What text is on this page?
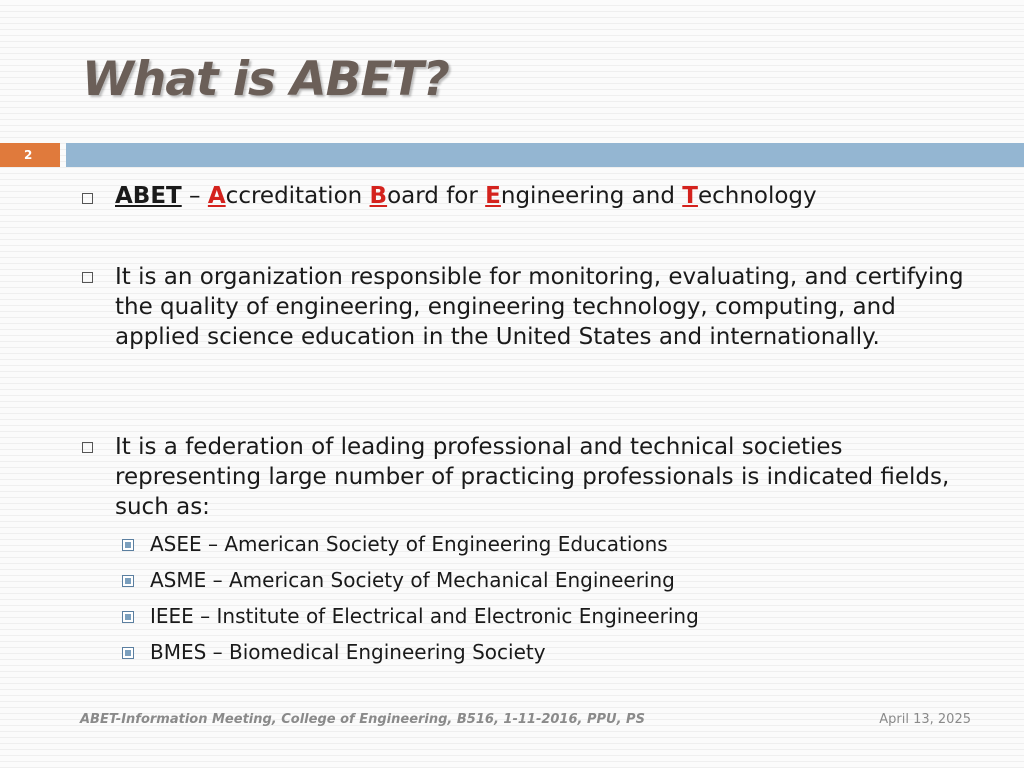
What is ABET?
2
ABET – Accreditation Board for Engineering and Technology
It is an organization responsible for monitoring, evaluating, and certifying the quality of engineering, engineering technology, computing, and applied science education in the United States and internationally.
It is a federation of leading professional and technical societies representing large number of practicing professionals is indicated fields, such as:
ASEE – American Society of Engineering Educations
ASME – American Society of Mechanical Engineering
IEEE – Institute of Electrical and Electronic Engineering
BMES – Biomedical Engineering Society
ABET-Information Meeting, College of Engineering, B516, 1-11-2016, PPU, PS	April 13, 2025
